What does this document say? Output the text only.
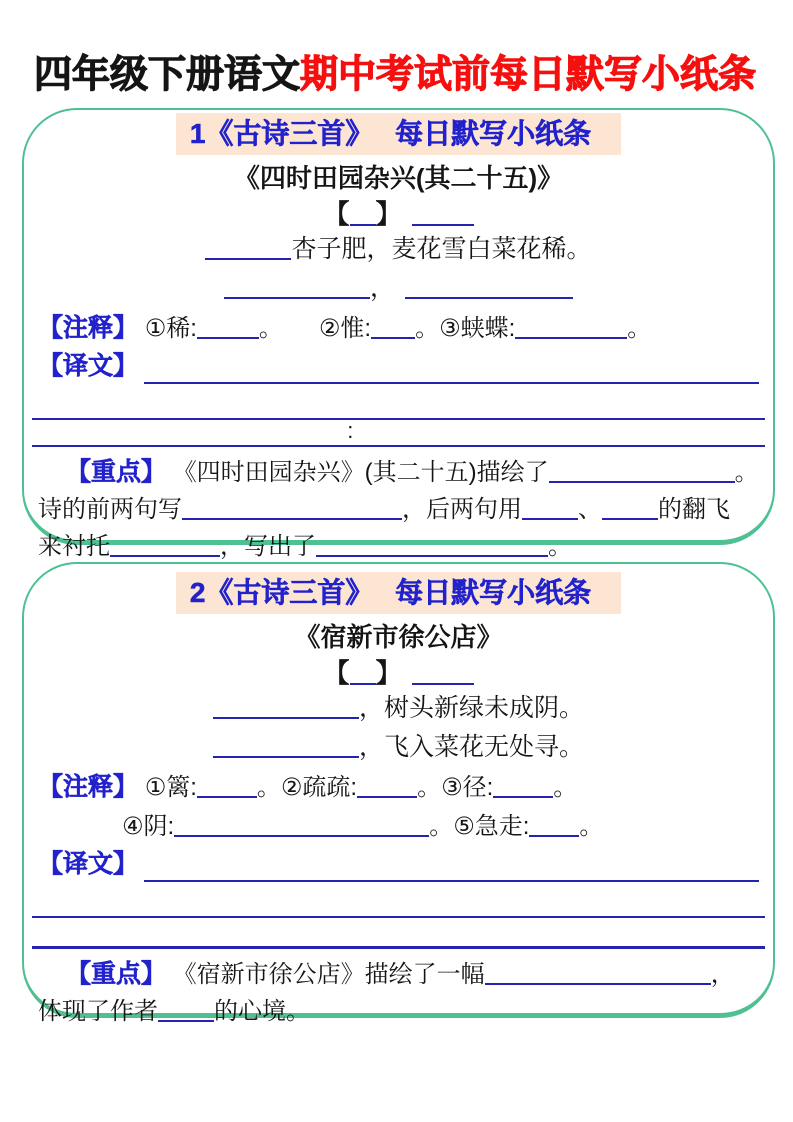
四年级下册语文期中考试前每日默写小纸条
1《古诗三首》　 每日默写小纸条
《四时田园杂兴(其二十五)》
【 】
杏子肥，麦花雪白菜花稀。
，
【注释】 ①稀:	。 ②惟: 。③蛱蝶:	。
【译文】
:
【重点】 《四时田园杂兴》(其二十五)描绘了	。
诗的前两句写	，后两句用 、 的翻飞
来衬托	，写出了	。
2《古诗三首》　 每日默写小纸条
《宿新市徐公店》
【 】
，树头新绿未成阴。
，飞入菜花无处寻。
【注释】 ①篱:	。②疏疏:	。③径:	。
④阴:	。⑤急走: 。
【译文】
【重点】 《宿新市徐公店》描绘了一幅	，
体现了作者 的心境。
